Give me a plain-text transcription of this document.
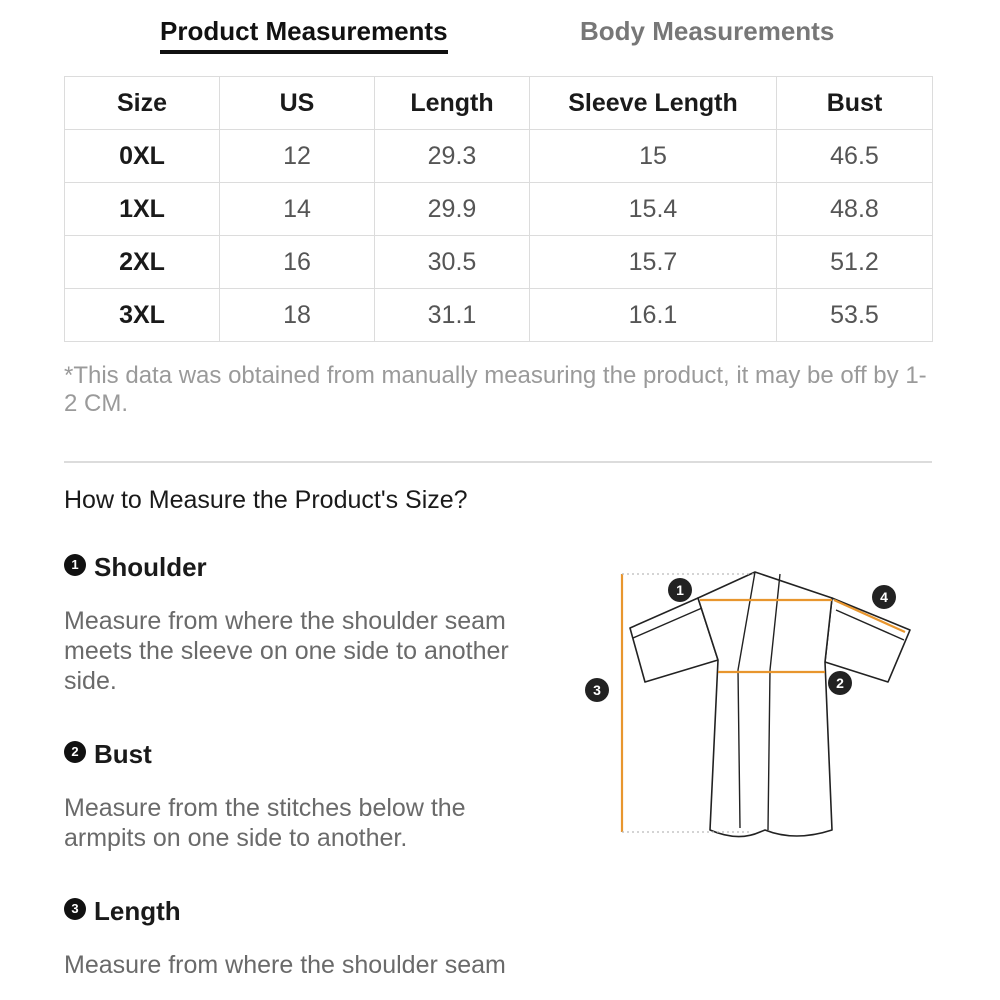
Product Measurements	Body Measurements
Size	US	Length	Sleeve Length	Bust
0XL	12	29.3	15	46.5
1XL	14	29.9	15.4	48.8
2XL	16	30.5	15.7	51.2
3XL	18	31.1	16.1	53.5
*This data was obtained from manually measuring the product, it may be off by 1-2 CM.
How to Measure the Product's Size?
1 Shoulder
Measure from where the shoulder seam meets the sleeve on one side to another side.
2 Bust
Measure from the stitches below the armpits on one side to another.
3 Length
Measure from where the shoulder seam
1
2
3
4
